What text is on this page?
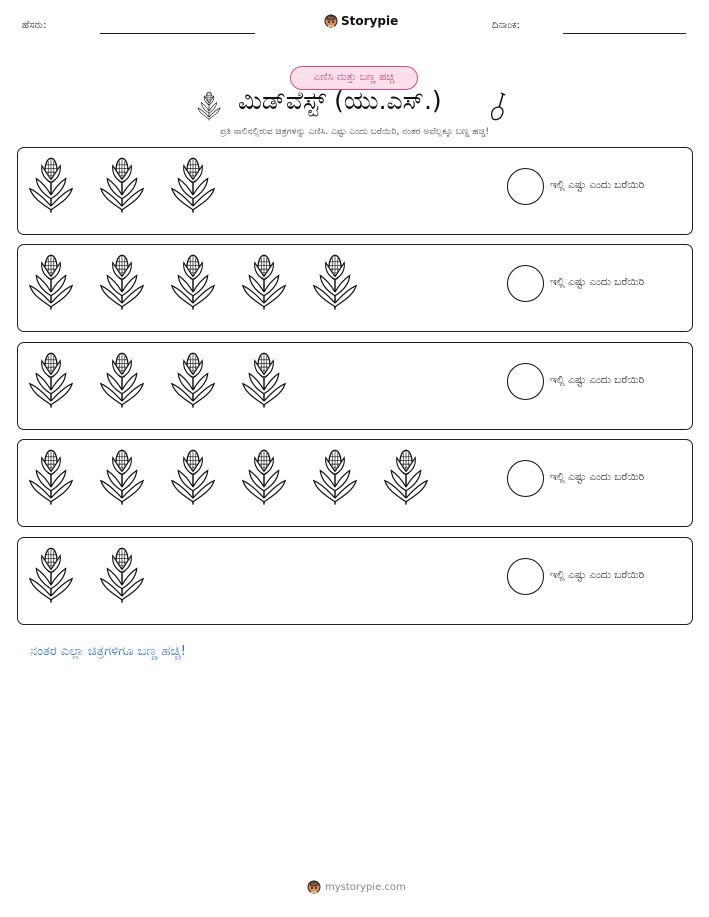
ಹೆಸರು:	Storypie	ದಿನಾಂಕ:
ಎಣಿಸಿ ಮತ್ತು ಬಣ್ಣ ಹಚ್ಚಿ
ಮಿಡ್‌ವೆಸ್ಟ್ (ಯು.ಎಸ್.)
ಪ್ರತಿ ಸಾಲಿನಲ್ಲಿರುವ ಚಿತ್ರಗಳನ್ನು ಎಣಿಸಿ. ಎಷ್ಟು ಎಂದು ಬರೆಯಿರಿ, ನಂತರ ಅವೆಲ್ಲಕ್ಕೂ ಬಣ್ಣ ಹಚ್ಚಿ!
ಇಲ್ಲಿ ಎಷ್ಟು ಎಂದು ಬರೆಯಿರಿ
ಇಲ್ಲಿ ಎಷ್ಟು ಎಂದು ಬರೆಯಿರಿ
ಇಲ್ಲಿ ಎಷ್ಟು ಎಂದು ಬರೆಯಿರಿ
ಇಲ್ಲಿ ಎಷ್ಟು ಎಂದು ಬರೆಯಿರಿ
ಇಲ್ಲಿ ಎಷ್ಟು ಎಂದು ಬರೆಯಿರಿ
ನಂತರ ಎಲ್ಲಾ ಚಿತ್ರಗಳಿಗೂ ಬಣ್ಣ ಹಚ್ಚಿ!
mystorypie.com
